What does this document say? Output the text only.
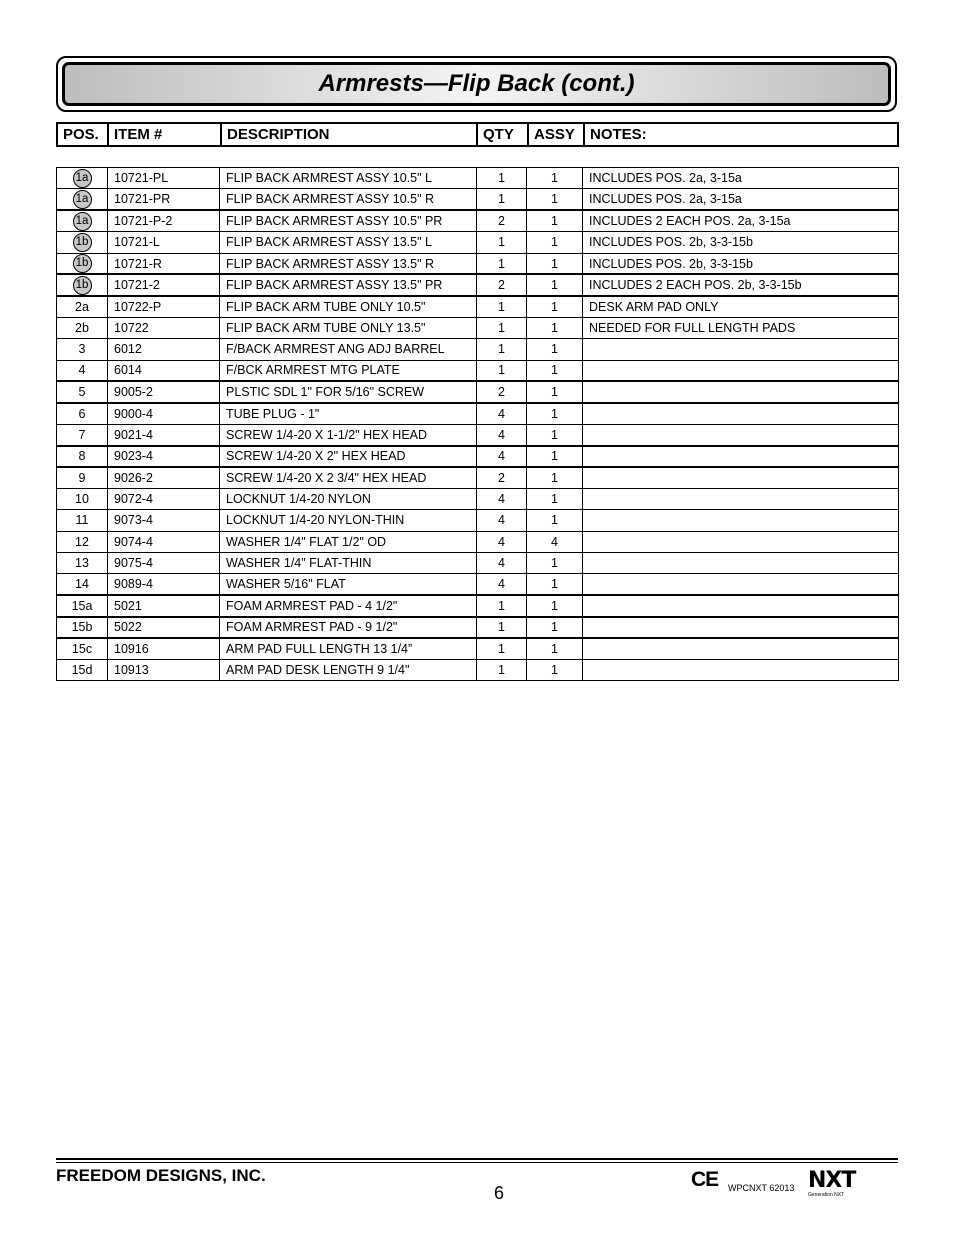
Armrests—Flip Back (cont.)
POS.	ITEM #	DESCRIPTION	QTY	ASSY	NOTES:
1a	10721-PL	FLIP BACK ARMREST ASSY 10.5" L	1	1	INCLUDES POS. 2a, 3-15a
1a	10721-PR	FLIP BACK ARMREST ASSY 10.5" R	1	1	INCLUDES POS. 2a, 3-15a
1a	10721-P-2	FLIP BACK ARMREST ASSY 10.5" PR	2	1	INCLUDES 2 EACH POS. 2a, 3-15a
1b	10721-L	FLIP BACK ARMREST ASSY 13.5" L	1	1	INCLUDES POS. 2b, 3-3-15b
1b	10721-R	FLIP BACK ARMREST ASSY 13.5" R	1	1	INCLUDES POS. 2b, 3-3-15b
1b	10721-2	FLIP BACK ARMREST ASSY 13.5" PR	2	1	INCLUDES 2 EACH POS. 2b, 3-3-15b
2a	10722-P	FLIP BACK ARM TUBE ONLY 10.5"	1	1	DESK ARM PAD ONLY
2b	10722	FLIP BACK ARM TUBE ONLY 13.5"	1	1	NEEDED FOR FULL LENGTH PADS
3	6012	F/BACK ARMREST ANG ADJ BARREL	1	1	
4	6014	F/BCK ARMREST MTG PLATE	1	1	
5	9005-2	PLSTIC SDL 1" FOR 5/16" SCREW	2	1	
6	9000-4	TUBE PLUG - 1"	4	1	
7	9021-4	SCREW 1/4-20 X 1-1/2" HEX HEAD	4	1	
8	9023-4	SCREW 1/4-20 X 2" HEX HEAD	4	1	
9	9026-2	SCREW 1/4-20 X 2 3/4" HEX HEAD	2	1	
10	9072-4	LOCKNUT 1/4-20 NYLON	4	1	
11	9073-4	LOCKNUT 1/4-20 NYLON-THIN	4	1	
12	9074-4	WASHER 1/4" FLAT 1/2" OD	4	4	
13	9075-4	WASHER 1/4" FLAT-THIN	4	1	
14	9089-4	WASHER 5/16" FLAT	4	1	
15a	5021	FOAM ARMREST PAD - 4 1/2"	1	1	
15b	5022	FOAM ARMREST PAD - 9 1/2"	1	1	
15c	10916	ARM PAD FULL LENGTH 13 1/4”	1	1	
15d	10913	ARM PAD DESK LENGTH 9 1/4"	1	1	
FREEDOM DESIGNS, INC.
6
CE WPCNXT 62013 NXT
Generation NXT
